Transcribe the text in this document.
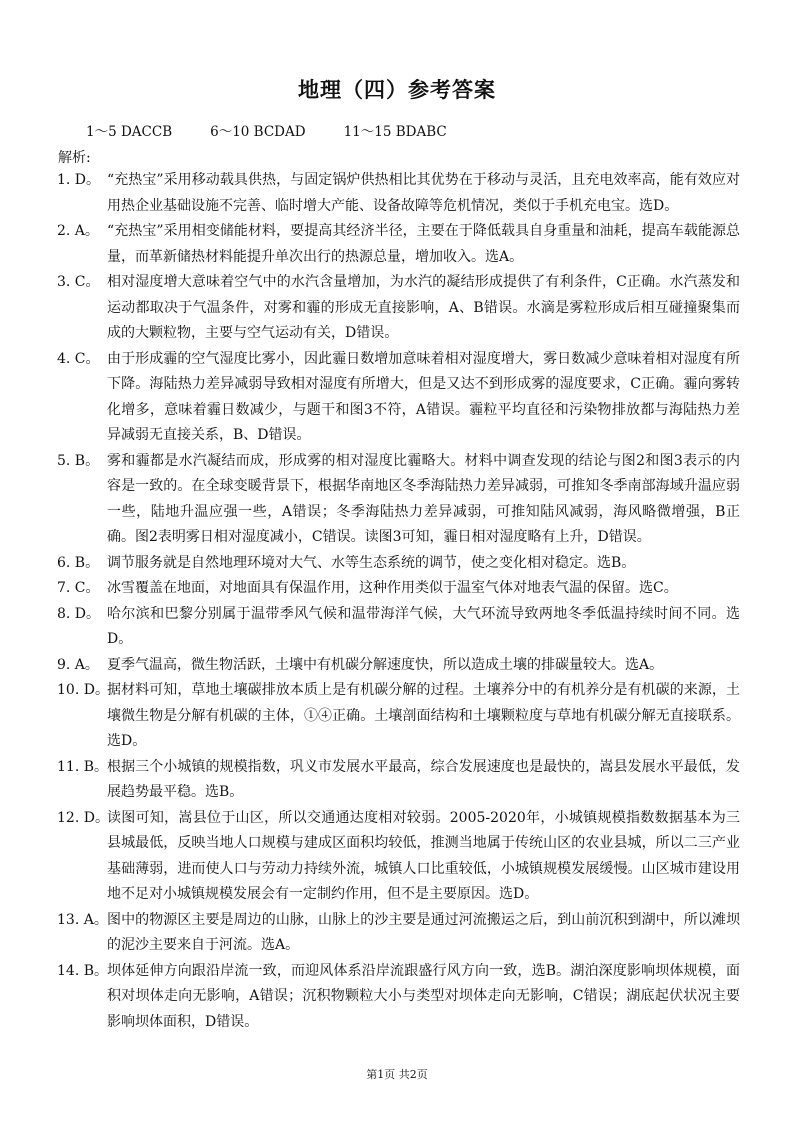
地理（四）参考答案
1～5 DACCB	6～10 BCDAD	11～15 BDABC
解析:
1. D。 “充热宝”采用移动载具供热，与固定锅炉供热相比其优势在于移动与灵活，且充电效率高，能有效应对用热企业基础设施不完善、临时增大产能、设备故障等危机情况，类似于手机充电宝。选D。
2. A。 “充热宝”采用相变储能材料，要提高其经济半径，主要在于降低载具自身重量和油耗，提高车载能源总量，而革新储热材料能提升单次出行的热源总量，增加收入。选A。
3. C。 相对湿度增大意味着空气中的水汽含量增加，为水汽的凝结形成提供了有利条件，C正确。水汽蒸发和运动都取决于气温条件，对雾和霾的形成无直接影响，A、B错误。水滴是雾粒形成后相互碰撞聚集而成的大颗粒物，主要与空气运动有关，D错误。
4. C。 由于形成霾的空气湿度比雾小，因此霾日数增加意味着相对湿度增大，雾日数减少意味着相对湿度有所下降。海陆热力差异减弱导致相对湿度有所增大，但是又达不到形成雾的湿度要求，C正确。霾向雾转化增多，意味着霾日数减少，与题干和图3不符，A错误。霾粒平均直径和污染物排放都与海陆热力差异减弱无直接关系，B、D错误。
5. B。 雾和霾都是水汽凝结而成，形成雾的相对湿度比霾略大。材料中调查发现的结论与图2和图3表示的内容是一致的。在全球变暖背景下，根据华南地区冬季海陆热力差异减弱，可推知冬季南部海域升温应弱一些，陆地升温应强一些，A错误；冬季海陆热力差异减弱，可推知陆风减弱，海风略微增强，B正确。图2表明雾日相对湿度减小，C错误。读图3可知，霾日相对湿度略有上升，D错误。
6. B。 调节服务就是自然地理环境对大气、水等生态系统的调节，使之变化相对稳定。选B。
7. C。 冰雪覆盖在地面，对地面具有保温作用，这种作用类似于温室气体对地表气温的保留。选C。
8. D。 哈尔滨和巴黎分别属于温带季风气候和温带海洋气候，大气环流导致两地冬季低温持续时间不同。选D。
9. A。 夏季气温高，微生物活跃，土壤中有机碳分解速度快，所以造成土壤的排碳量较大。选A。
10. D。
据材料可知，草地土壤碳排放本质上是有机碳分解的过程。土壤养分中的有机养分是有机碳的来源，土壤微生物是分解有机碳的主体，①④正确。土壤剖面结构和土壤颗粒度与草地有机碳分解无直接联系。选D。
11. B。
根据三个小城镇的规模指数，巩义市发展水平最高，综合发展速度也是最快的，嵩县发展水平最低，发展趋势最平稳。选B。
12. D。
读图可知，嵩县位于山区，所以交通通达度相对较弱。2005-2020年，小城镇规模指数数据基本为三县城最低，反映当地人口规模与建成区面积均较低，推测当地属于传统山区的农业县城，所以二三产业基础薄弱，进而使人口与劳动力持续外流，城镇人口比重较低，小城镇规模发展缓慢。山区城市建设用地不足对小城镇规模发展会有一定制约作用，但不是主要原因。选D。
13. A。 图中的物源区主要是周边的山脉，山脉上的沙主要是通过河流搬运之后，到山前沉积到湖中，所以滩坝的泥沙主要来自于河流。选A。
14. B。
坝体延伸方向跟沿岸流一致，而迎风体系沿岸流跟盛行风方向一致，选B。湖泊深度影响坝体规模，面积对坝体走向无影响，A错误；沉积物颗粒大小与类型对坝体走向无影响，C错误；湖底起伏状况主要影响坝体面积，D错误。
第1页 共2页
